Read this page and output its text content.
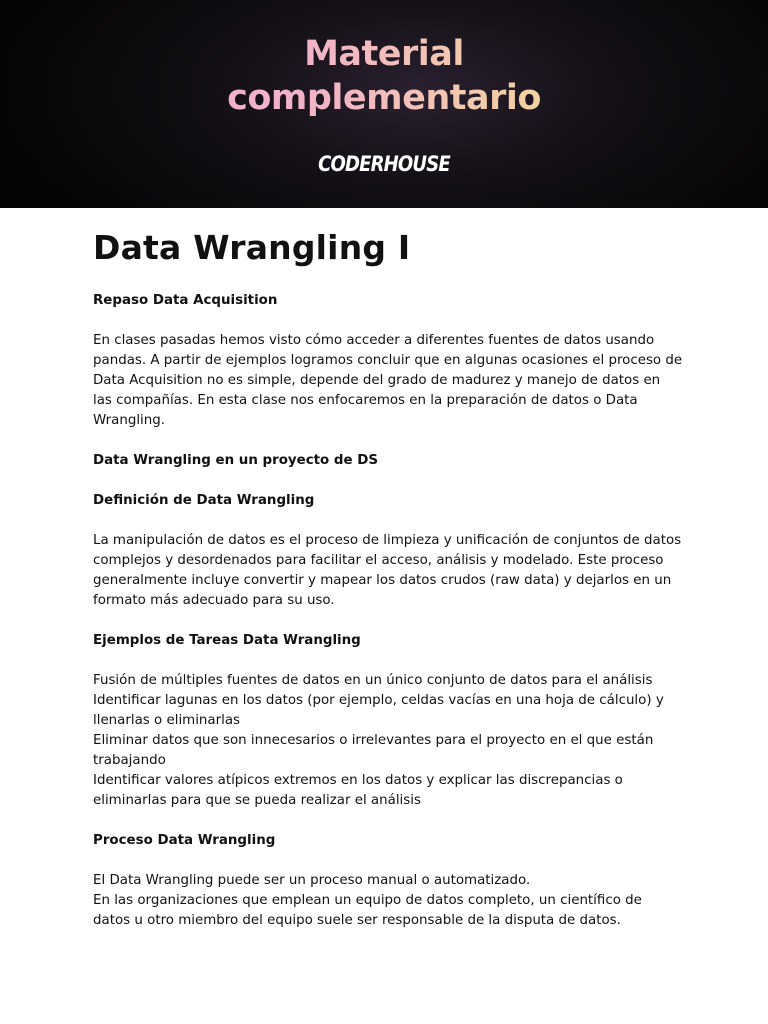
Material
complementario
CODERHOUSE
Data Wrangling I

Repaso Data Acquisition

En clases pasadas hemos visto cómo acceder a diferentes fuentes de datos usando pandas. A partir de ejemplos logramos concluir que en algunas ocasiones el proceso de Data Acquisition no es simple, depende del grado de madurez y manejo de datos en las compañías. En esta clase nos enfocaremos en la preparación de datos o Data Wrangling.

Data Wrangling en un proyecto de DS

Definición de Data Wrangling

La manipulación de datos es el proceso de limpieza y unificación de conjuntos de datos complejos y desordenados para facilitar el acceso, análisis y modelado. Este proceso generalmente incluye convertir y mapear los datos crudos (raw data) y dejarlos en un formato más adecuado para su uso.

Ejemplos de Tareas Data Wrangling

Fusión de múltiples fuentes de datos en un único conjunto de datos para el análisis
Identificar lagunas en los datos (por ejemplo, celdas vacías en una hoja de cálculo) y llenarlas o eliminarlas
Eliminar datos que son innecesarios o irrelevantes para el proyecto en el que están trabajando
Identificar valores atípicos extremos en los datos y explicar las discrepancias o eliminarlas para que se pueda realizar el análisis

Proceso Data Wrangling

El Data Wrangling puede ser un proceso manual o automatizado.
En las organizaciones que emplean un equipo de datos completo, un científico de datos u otro miembro del equipo suele ser responsable de la disputa de datos.
